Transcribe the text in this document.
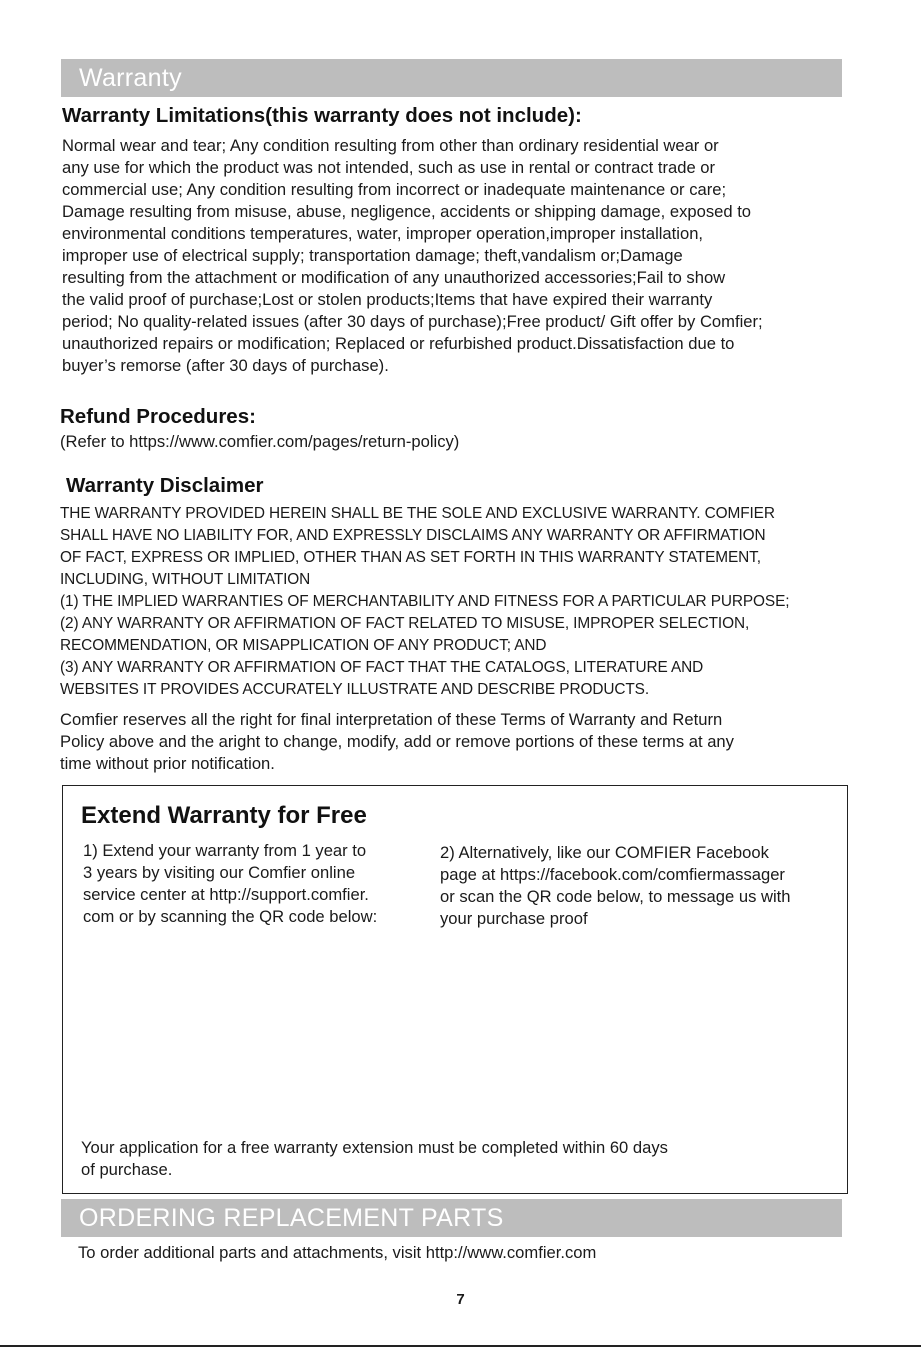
Warranty
Warranty Limitations(this warranty does not include):
Normal wear and tear; Any condition resulting from other than ordinary residential wear or
any use for which the product was not intended, such as use in rental or contract trade or
commercial use; Any condition resulting from incorrect or inadequate maintenance or care;
Damage resulting from misuse, abuse, negligence, accidents or shipping damage, exposed to
environmental conditions temperatures, water, improper operation,improper installation,
improper use of electrical supply; transportation damage; theft,vandalism or;Damage
resulting from the attachment or modification of any unauthorized accessories;Fail to show
the valid proof of purchase;Lost or stolen products;Items that have expired their warranty
period; No quality-related issues (after 30 days of purchase);Free product/ Gift offer by Comfier;
unauthorized repairs or modification; Replaced or refurbished product.Dissatisfaction due to
buyer’s remorse (after 30 days of purchase).
Refund Procedures:
(Refer to https://www.comfier.com/pages/return-policy)
Warranty Disclaimer
THE WARRANTY PROVIDED HEREIN SHALL BE THE SOLE AND EXCLUSIVE WARRANTY. COMFIER
SHALL HAVE NO LIABILITY FOR, AND EXPRESSLY DISCLAIMS ANY WARRANTY OR AFFIRMATION
OF FACT, EXPRESS OR IMPLIED, OTHER THAN AS SET FORTH IN THIS WARRANTY STATEMENT,
INCLUDING, WITHOUT LIMITATION
(1) THE IMPLIED WARRANTIES OF MERCHANTABILITY AND FITNESS FOR A PARTICULAR PURPOSE;
(2) ANY WARRANTY OR AFFIRMATION OF FACT RELATED TO MISUSE, IMPROPER SELECTION,
RECOMMENDATION, OR MISAPPLICATION OF ANY PRODUCT; AND
(3) ANY WARRANTY OR AFFIRMATION OF FACT THAT THE CATALOGS, LITERATURE AND
WEBSITES IT PROVIDES ACCURATELY ILLUSTRATE AND DESCRIBE PRODUCTS.
Comfier reserves all the right for final interpretation of these Terms of Warranty and Return
Policy above and the aright to change, modify, add or remove portions of these terms at any
time without prior notification.
Extend Warranty for Free
1) Extend your warranty from 1 year to
3 years by visiting our Comfier online
service center at http://support.comfier.
com or by scanning the QR code below:
2) Alternatively, like our COMFIER Facebook
page at https://facebook.com/comfiermassager
or scan the QR code below, to message us with
your purchase proof
Your application for a free warranty extension must be completed within 60 days
of purchase.
ORDERING REPLACEMENT PARTS
To order additional parts and attachments, visit http://www.comfier.com
7
